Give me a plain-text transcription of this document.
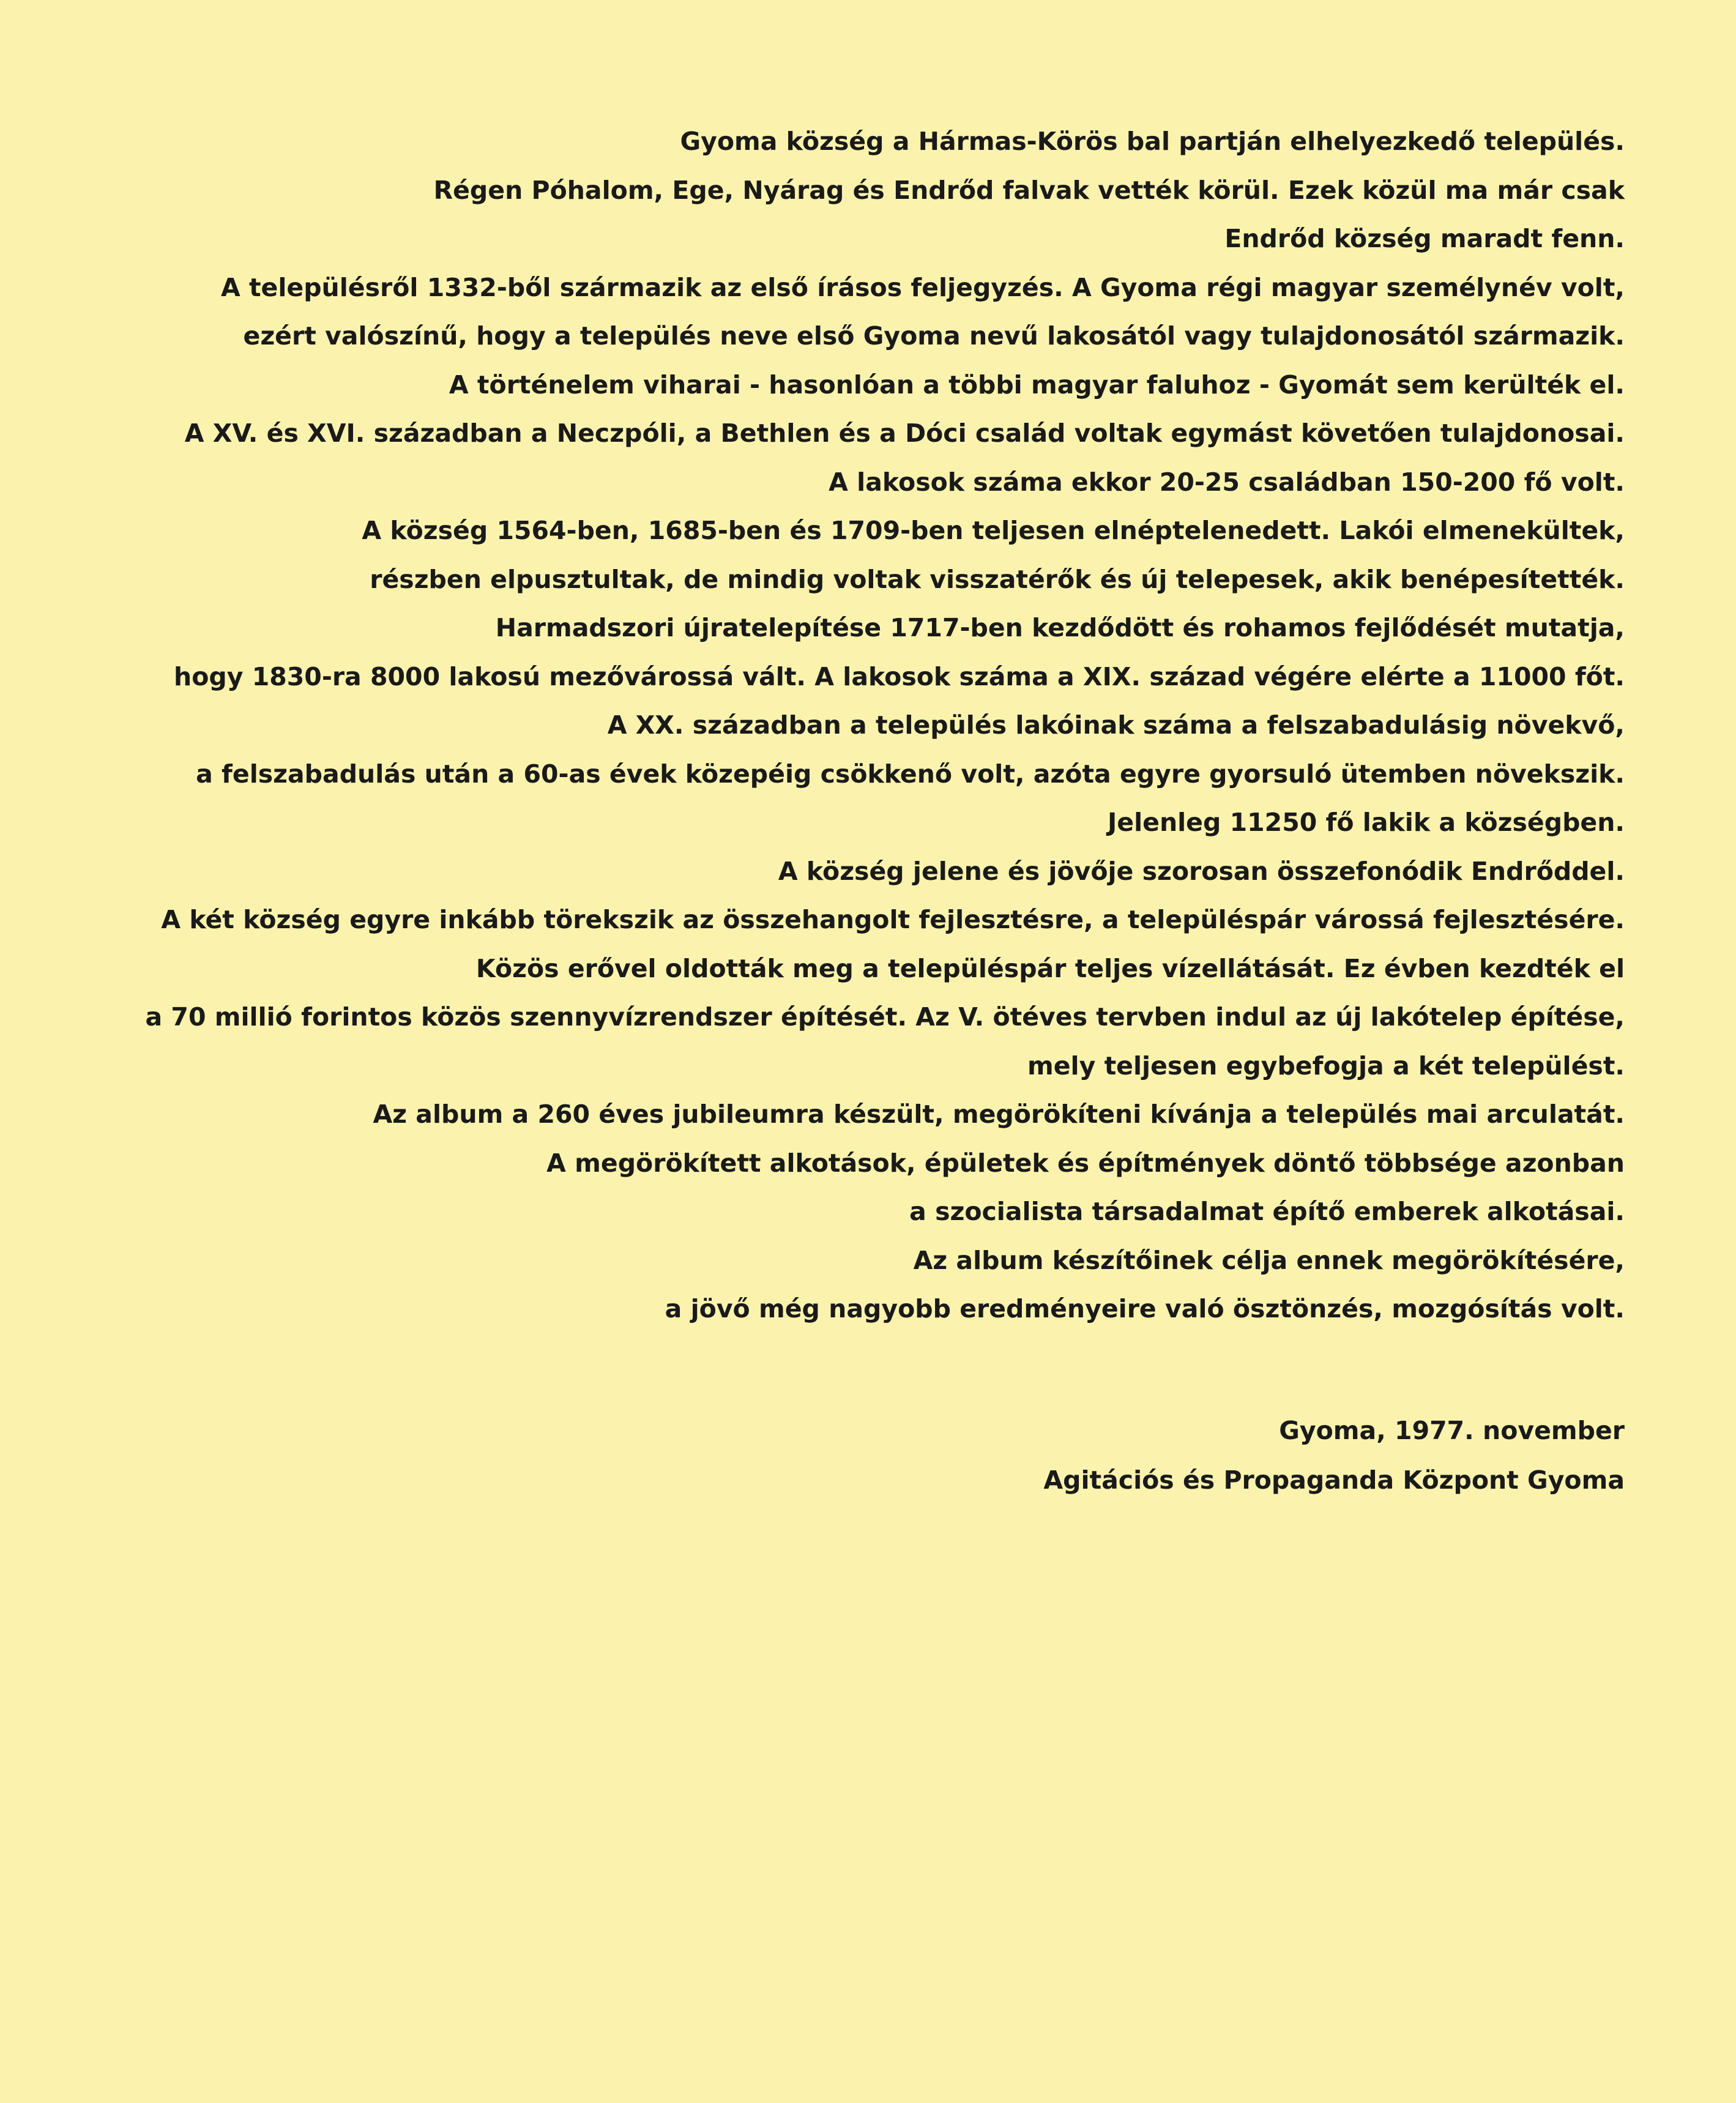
Gyoma község a Hármas-Körös bal partján elhelyezkedő település.
Régen Póhalom, Ege, Nyárag és Endrőd falvak vették körül. Ezek közül ma már csak
Endrőd község maradt fenn.
A településről 1332-ből származik az első írásos feljegyzés. A Gyoma régi magyar személynév volt,
ezért valószínű, hogy a település neve első Gyoma nevű lakosától vagy tulajdonosától származik.
A történelem viharai - hasonlóan a többi magyar faluhoz - Gyomát sem kerülték el.
A XV. és XVI. században a Neczpóli, a Bethlen és a Dóci család voltak egymást követően tulajdonosai.
A lakosok száma ekkor 20-25 családban 150-200 fő volt.
A község 1564-ben, 1685-ben és 1709-ben teljesen elnéptelenedett. Lakói elmenekültek,
részben elpusztultak, de mindig voltak visszatérők és új telepesek, akik benépesítették.
Harmadszori újratelepítése 1717-ben kezdődött és rohamos fejlődését mutatja,
hogy 1830-ra 8000 lakosú mezővárossá vált. A lakosok száma a XIX. század végére elérte a 11000 főt.
A XX. században a település lakóinak száma a felszabadulásig növekvő,
a felszabadulás után a 60-as évek közepéig csökkenő volt, azóta egyre gyorsuló ütemben növekszik.
Jelenleg 11250 fő lakik a községben.
A község jelene és jövője szorosan összefonódik Endrőddel.
A két község egyre inkább törekszik az összehangolt fejlesztésre, a településpár várossá fejlesztésére.
Közös erővel oldották meg a településpár teljes vízellátását. Ez évben kezdték el
a 70 millió forintos közös szennyvízrendszer építését. Az V. ötéves tervben indul az új lakótelep építése,
mely teljesen egybefogja a két települést.
Az album a 260 éves jubileumra készült, megörökíteni kívánja a település mai arculatát.
A megörökített alkotások, épületek és építmények döntő többsége azonban
a szocialista társadalmat építő emberek alkotásai.
Az album készítőinek célja ennek megörökítésére,
a jövő még nagyobb eredményeire való ösztönzés, mozgósítás volt.
Gyoma, 1977. november
Agitációs és Propaganda Központ Gyoma
